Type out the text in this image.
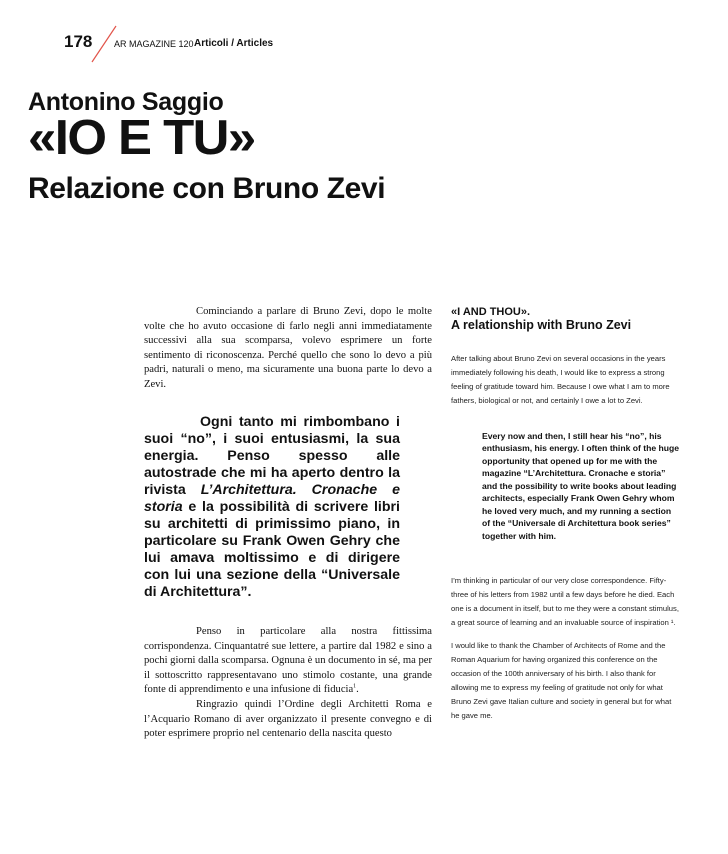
178 AR MAGAZINE 120 Articoli / Articles
Antonino Saggio
«IO E TU»
Relazione con Bruno Zevi

Cominciando a parlare di Bruno Zevi, dopo le molte volte che ho avuto occasione di farlo negli anni immediatamente successivi alla sua scomparsa, volevo esprimere un forte sentimento di riconoscenza. Perché quello che sono lo devo a più padri, naturali o meno, ma sicuramente una buona parte lo devo a Zevi.

Ogni tanto mi rimbombano i suoi “no”, i suoi entusiasmi, la sua energia. Penso spesso alle autostrade che mi ha aperto dentro la rivista L’Architettura. Cronache e storia e la possibilità di scrivere libri su architetti di primissimo piano, in particolare su Frank Owen Gehry che lui amava moltissimo e di dirigere con lui una sezione della “Universale di Architettura”.

Penso in particolare alla nostra fittissima corrispondenza. Cinquantatré sue lettere, a partire dal 1982 e sino a pochi giorni dalla scomparsa. Ognuna è un documento in sé, ma per il sottoscritto rappresentavano uno stimolo costante, una grande fonte di apprendimento e una infusione di fiducia$^1$.

Ringrazio quindi l’Ordine degli Architetti Roma e l’Acquario Romano di aver organizzato il presente convegno e di poter esprimere proprio nel centenario della nascita questo

«I AND THOU».
A relationship with Bruno Zevi

After talking about Bruno Zevi on several occasions in the years immediately following his death, I would like to express a strong feeling of gratitude toward him. Because I owe what I am to more fathers, biological or not, and certainly I owe a lot to Zevi.

Every now and then, I still hear his “no”, his enthusiasm, his energy. I often think of the huge opportunity that opened up for me with the magazine “L’Architettura. Cronache e storia” and the possibility to write books about leading architects, especially Frank Owen Gehry whom he loved very much, and my running a section of the “Universale di Architettura book series” together with him.

I’m thinking in particular of our very close correspondence. Fifty-three of his letters from 1982 until a few days before he died. Each one is a document in itself, but to me they were a constant stimulus, a great source of learning and an invaluable source of inspiration ¹.

I would like to thank the Chamber of Architects of Rome and the Roman Aquarium for having organized this conference on the occasion of the 100th anniversary of his birth. I also thank for allowing me to express my feeling of gratitude not only for what Bruno Zevi gave Italian culture and society in general but for what he gave me.
